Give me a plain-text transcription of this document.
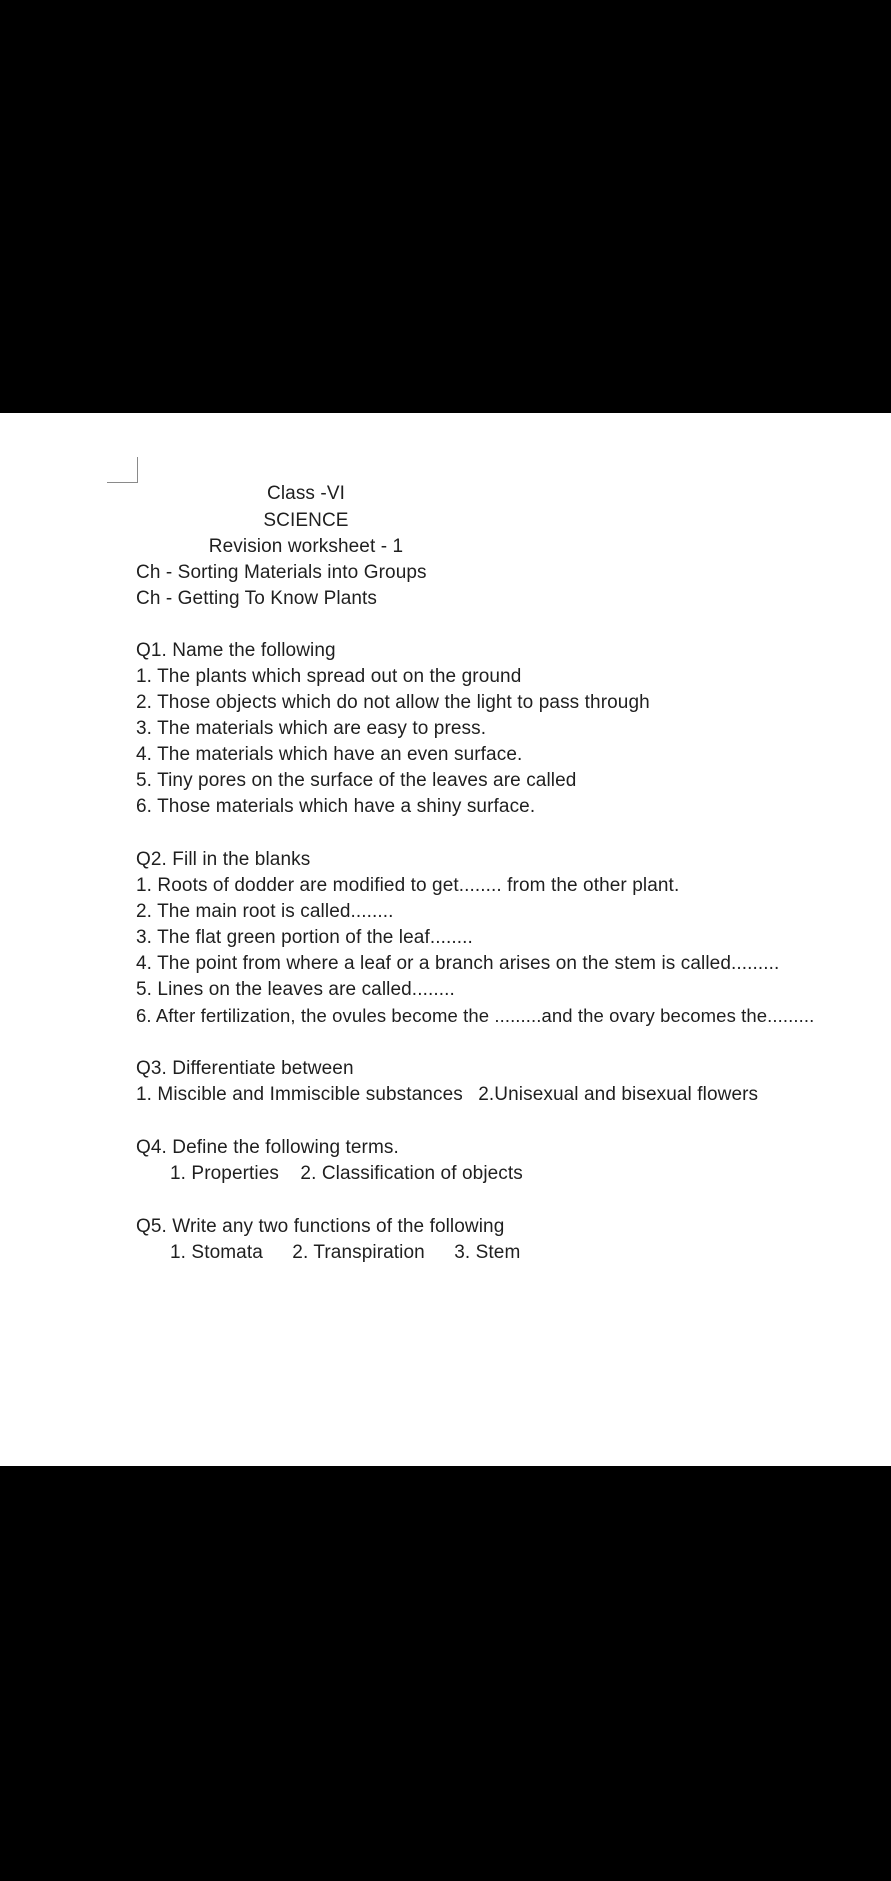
Class -VI
SCIENCE
Revision worksheet - 1
Ch - Sorting Materials into Groups
Ch - Getting To Know Plants
Q1. Name the following
1. The plants which spread out on the ground
2. Those objects which do not allow the light to pass through
3. The materials which are easy to press.
4. The materials which have an even surface.
5. Tiny pores on the surface of the leaves are called
6. Those materials which have a shiny surface.
Q2. Fill in the blanks
1. Roots of dodder are modified to get........ from the other plant.
2. The main root is called........
3. The flat green portion of the leaf........
4. The point from where a leaf or a branch arises on the stem is called.........
5. Lines on the leaves are called........
6. After fertilization, the ovules become the .........and the ovary becomes the.........
Q3. Differentiate between
1. Miscible and Immiscible substances 2.Unisexual and bisexual flowers
Q4. Define the following terms.
1. Properties 2. Classification of objects
Q5. Write any two functions of the following
1. Stomata 2. Transpiration 3. Stem
